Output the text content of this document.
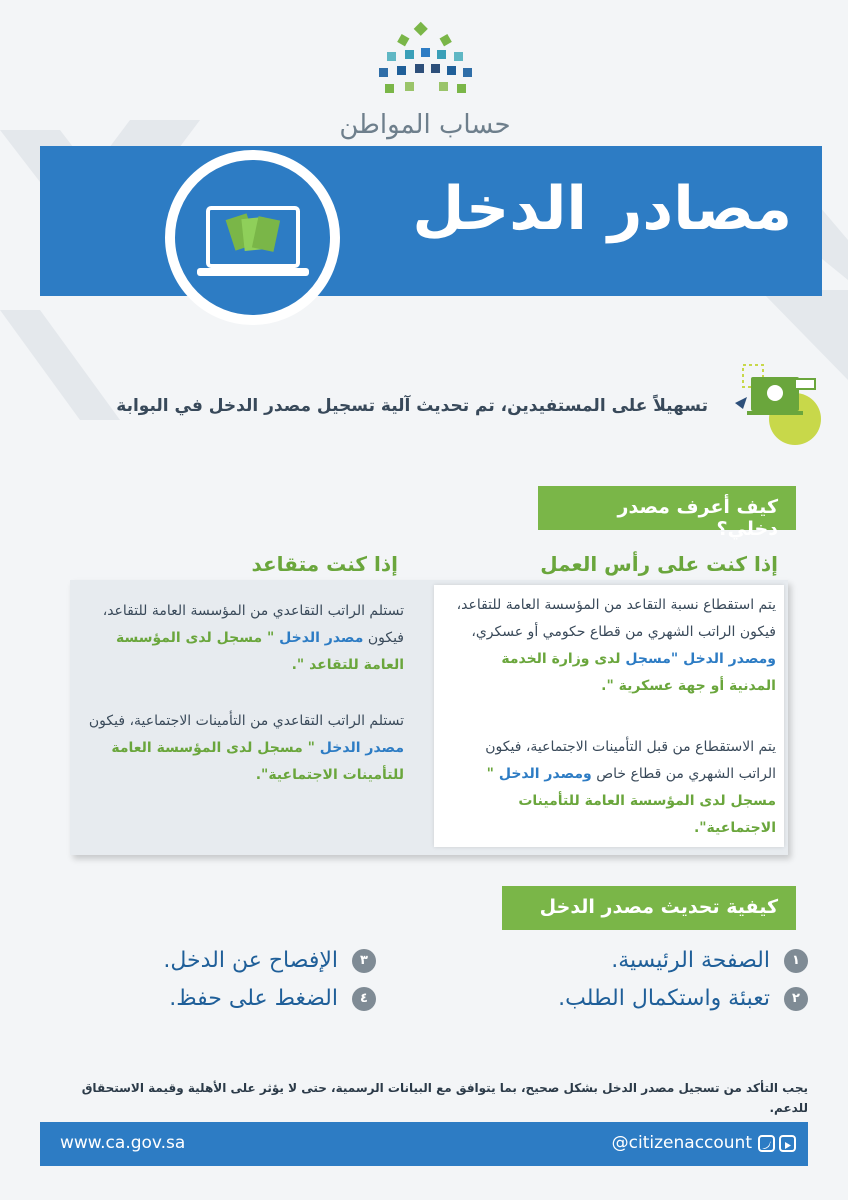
حساب المواطن
مصادر الدخل
تسهيلاً على المستفيدين، تم تحديث آلية تسجيل مصدر الدخل في البوابة
كيف أعرف مصدر دخلي؟
إذا كنت على رأس العمل
إذا كنت متقاعد
يتم استقطاع نسبة التقاعد من المؤسسة العامة للتقاعد، فيكون الراتب الشهري من قطاع حكومي أو عسكري، ومصدر الدخل "مسجل لدى وزارة الخدمة المدنية أو جهة عسكرية ".
يتم الاستقطاع من قبل التأمينات الاجتماعية، فيكون الراتب الشهري من قطاع خاص ومصدر الدخل " مسجل لدى المؤسسة العامة للتأمينات الاجتماعية".
تستلم الراتب التقاعدي من المؤسسة العامة للتقاعد، فيكون مصدر الدخل " مسجل لدى المؤسسة العامة للتقاعد ".
تستلم الراتب التقاعدي من التأمينات الاجتماعية، فيكون مصدر الدخل " مسجل لدى المؤسسة العامة للتأمينات الاجتماعية".
كيفية تحديث مصدر الدخل
١الصفحة الرئيسية.
٢تعبئة واستكمال الطلب.
٣الإفصاح عن الدخل.
٤الضغط على حفظ.
يجب التأكد من تسجيل مصدر الدخل بشكل صحيح، بما يتوافق مع البيانات الرسمية، حتى لا يؤثر على الأهلية وقيمة الاستحقاق للدعم.
www.ca.gov.sa	@citizenaccount
